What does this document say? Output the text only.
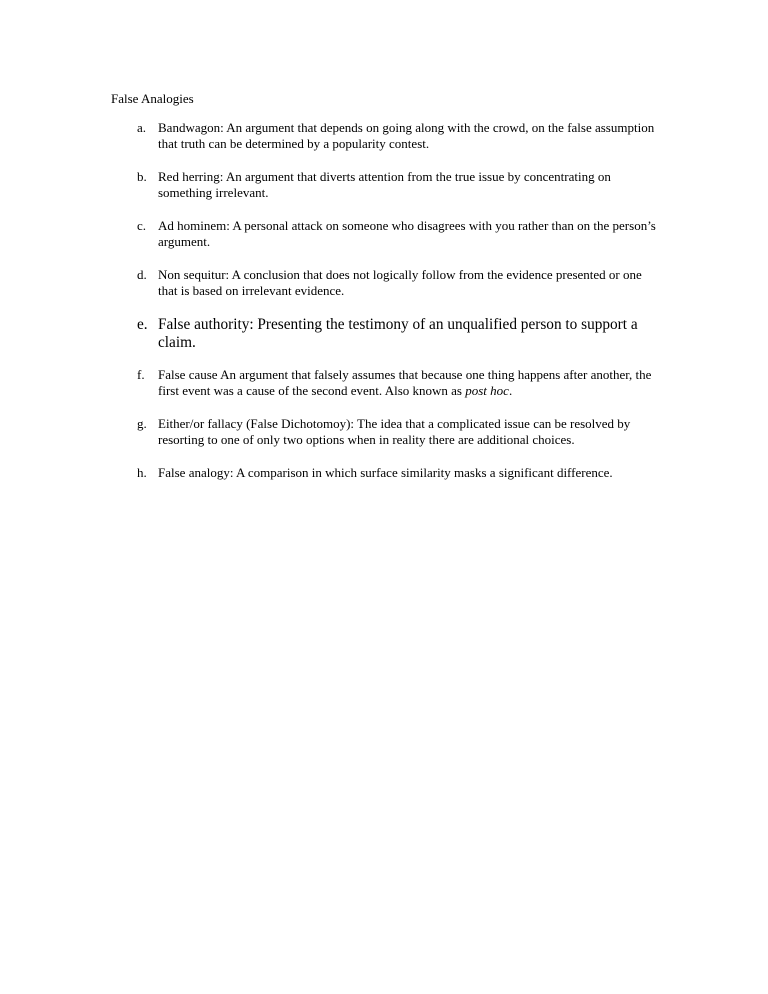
False Analogies
a. Bandwagon: An argument that depends on going along with the crowd, on the false assumption that truth can be determined by a popularity contest.
b. Red herring: An argument that diverts attention from the true issue by concentrating on something irrelevant.
c. Ad hominem: A personal attack on someone who disagrees with you rather than on the person’s argument.
d. Non sequitur: A conclusion that does not logically follow from the evidence presented or one that is based on irrelevant evidence.
e. False authority: Presenting the testimony of an unqualified person to support a claim.
f.	False cause An argument that falsely assumes that because one thing happens after another, the first event was a cause of the second event. Also known as post hoc.
g. Either/or fallacy (False Dichotomoy): The idea that a complicated issue can be resolved by resorting to one of only two options when in reality there are additional choices.
h. False analogy: A comparison in which surface similarity masks a significant difference.
